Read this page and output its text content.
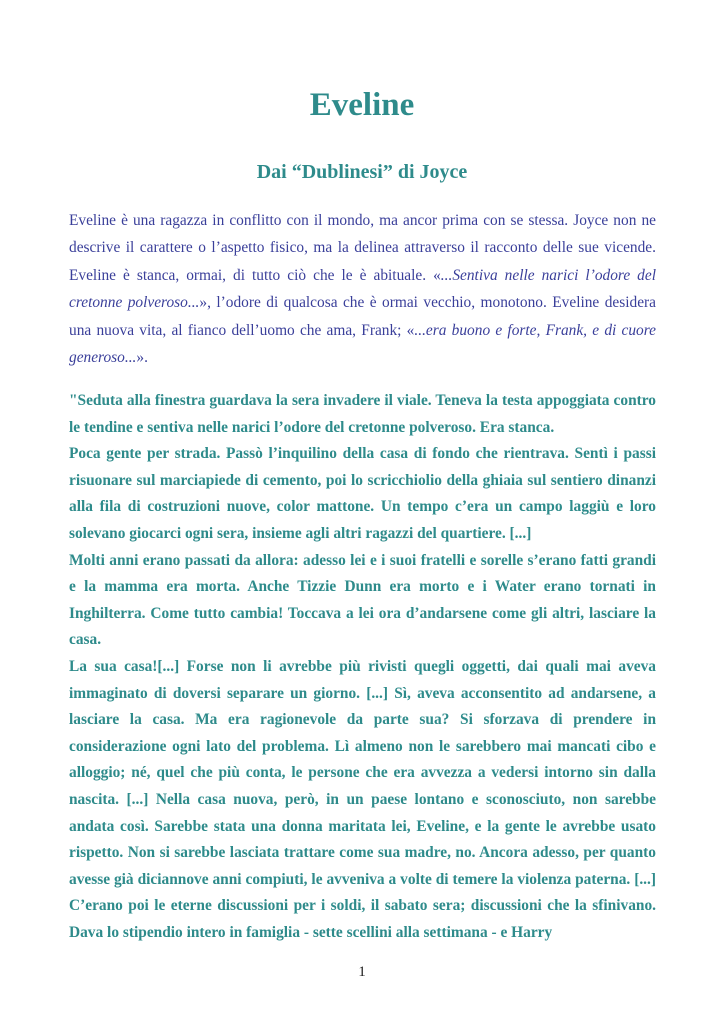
Eveline
Dai “Dublinesi” di Joyce

Eveline è una ragazza in conflitto con il mondo, ma ancor prima con se stessa. Joyce non ne descrive il carattere o l’aspetto fisico, ma la delinea attraverso il racconto delle sue vicende. Eveline è stanca, ormai, di tutto ciò che le è abituale. «...Sentiva nelle narici l’odore del cretonne polveroso...», l’odore di qualcosa che è ormai vecchio, monotono. Eveline desidera una nuova vita, al fianco dell’uomo che ama, Frank; «...era buono e forte, Frank, e di cuore generoso...».

"Seduta alla finestra guardava la sera invadere il viale. Teneva la testa appoggiata contro le tendine e sentiva nelle narici l’odore del cretonne polveroso. Era stanca.

Poca gente per strada. Passò l’inquilino della casa di fondo che rientrava. Sentì i passi risuonare sul marciapiede di cemento, poi lo scricchiolio della ghiaia sul sentiero dinanzi alla fila di costruzioni nuove, color mattone. Un tempo c’era un campo laggiù e loro solevano giocarci ogni sera, insieme agli altri ragazzi del quartiere. [...]

Molti anni erano passati da allora: adesso lei e i suoi fratelli e sorelle s’erano fatti grandi e la mamma era morta. Anche Tizzie Dunn era morto e i Water erano tornati in Inghilterra. Come tutto cambia! Toccava a lei ora d’andarsene come gli altri, lasciare la casa.

La sua casa![...] Forse non li avrebbe più rivisti quegli oggetti, dai quali mai aveva immaginato di doversi separare un giorno. [...] Sì, aveva acconsentito ad andarsene, a lasciare la casa. Ma era ragionevole da parte sua? Si sforzava di prendere in considerazione ogni lato del problema. Lì almeno non le sarebbero mai mancati cibo e alloggio; né, quel che più conta, le persone che era avvezza a vedersi intorno sin dalla nascita. [...] Nella casa nuova, però, in un paese lontano e sconosciuto, non sarebbe andata così. Sarebbe stata una donna maritata lei, Eveline, e la gente le avrebbe usato rispetto. Non si sarebbe lasciata trattare come sua madre, no. Ancora adesso, per quanto avesse già diciannove anni compiuti, le avveniva a volte di temere la violenza paterna. [...] C’erano poi le eterne discussioni per i soldi, il sabato sera; discussioni che la sfinivano. Dava lo stipendio intero in famiglia - sette scellini alla settimana - e Harry

1
